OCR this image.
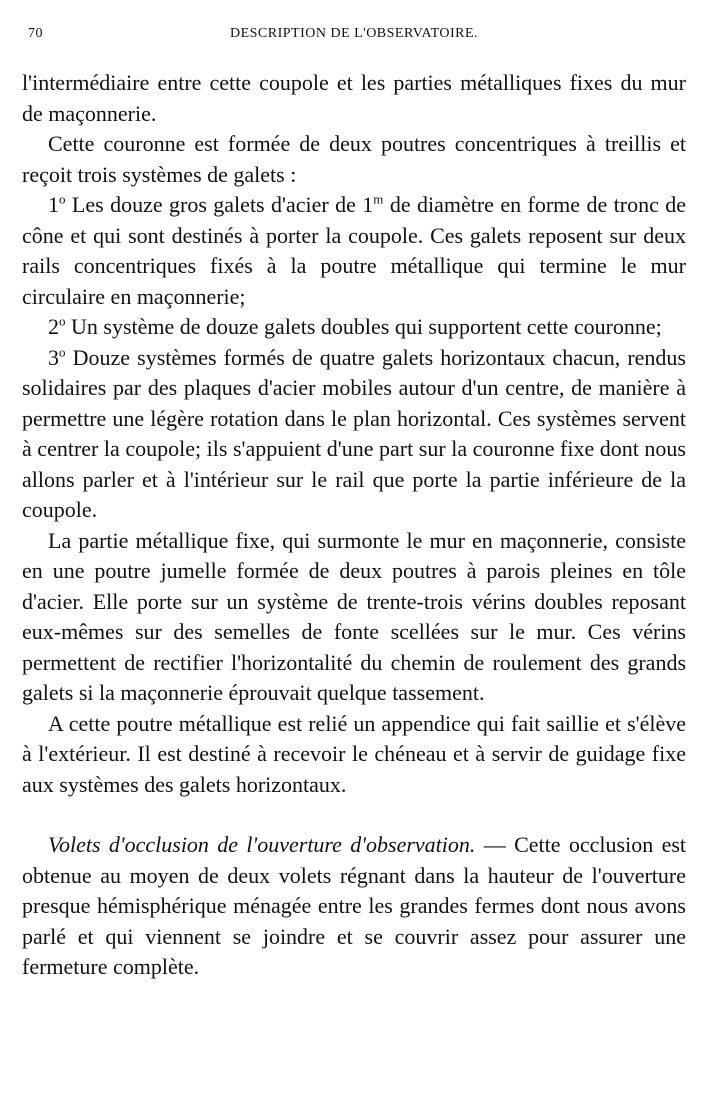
70	DESCRIPTION DE L'OBSERVATOIRE.

l'intermédiaire entre cette coupole et les parties métalliques fixes du mur de maçonnerie.

Cette couronne est formée de deux poutres concentriques à treillis et reçoit trois systèmes de galets :

1$^o$ Les douze gros galets d'acier de 1$^m$ de diamètre en forme de tronc de cône et qui sont destinés à porter la coupole. Ces galets reposent sur deux rails concentriques fixés à la poutre métallique qui termine le mur circulaire en maçonnerie;

2$^o$ Un système de douze galets doubles qui supportent cette couronne;

3$^o$ Douze systèmes formés de quatre galets horizontaux chacun, rendus solidaires par des plaques d'acier mobiles autour d'un centre, de manière à permettre une légère rotation dans le plan horizontal. Ces systèmes servent à centrer la coupole; ils s'appuient d'une part sur la couronne fixe dont nous allons parler et à l'intérieur sur le rail que porte la partie inférieure de la coupole.

La partie métallique fixe, qui surmonte le mur en maçonnerie, consiste en une poutre jumelle formée de deux poutres à parois pleines en tôle d'acier. Elle porte sur un système de trente-trois vérins doubles reposant eux-mêmes sur des semelles de fonte scellées sur le mur. Ces vérins permettent de rectifier l'horizontalité du chemin de roulement des grands galets si la maçonnerie éprouvait quelque tassement.

A cette poutre métallique est relié un appendice qui fait saillie et s'élève à l'extérieur. Il est destiné à recevoir le chéneau et à servir de guidage fixe aux systèmes des galets horizontaux.

Volets d'occlusion de l'ouverture d'observation. — Cette occlusion est obtenue au moyen de deux volets régnant dans la hauteur de l'ouverture presque hémisphérique ménagée entre les grandes fermes dont nous avons parlé et qui viennent se joindre et se couvrir assez pour assurer une fermeture complète.
